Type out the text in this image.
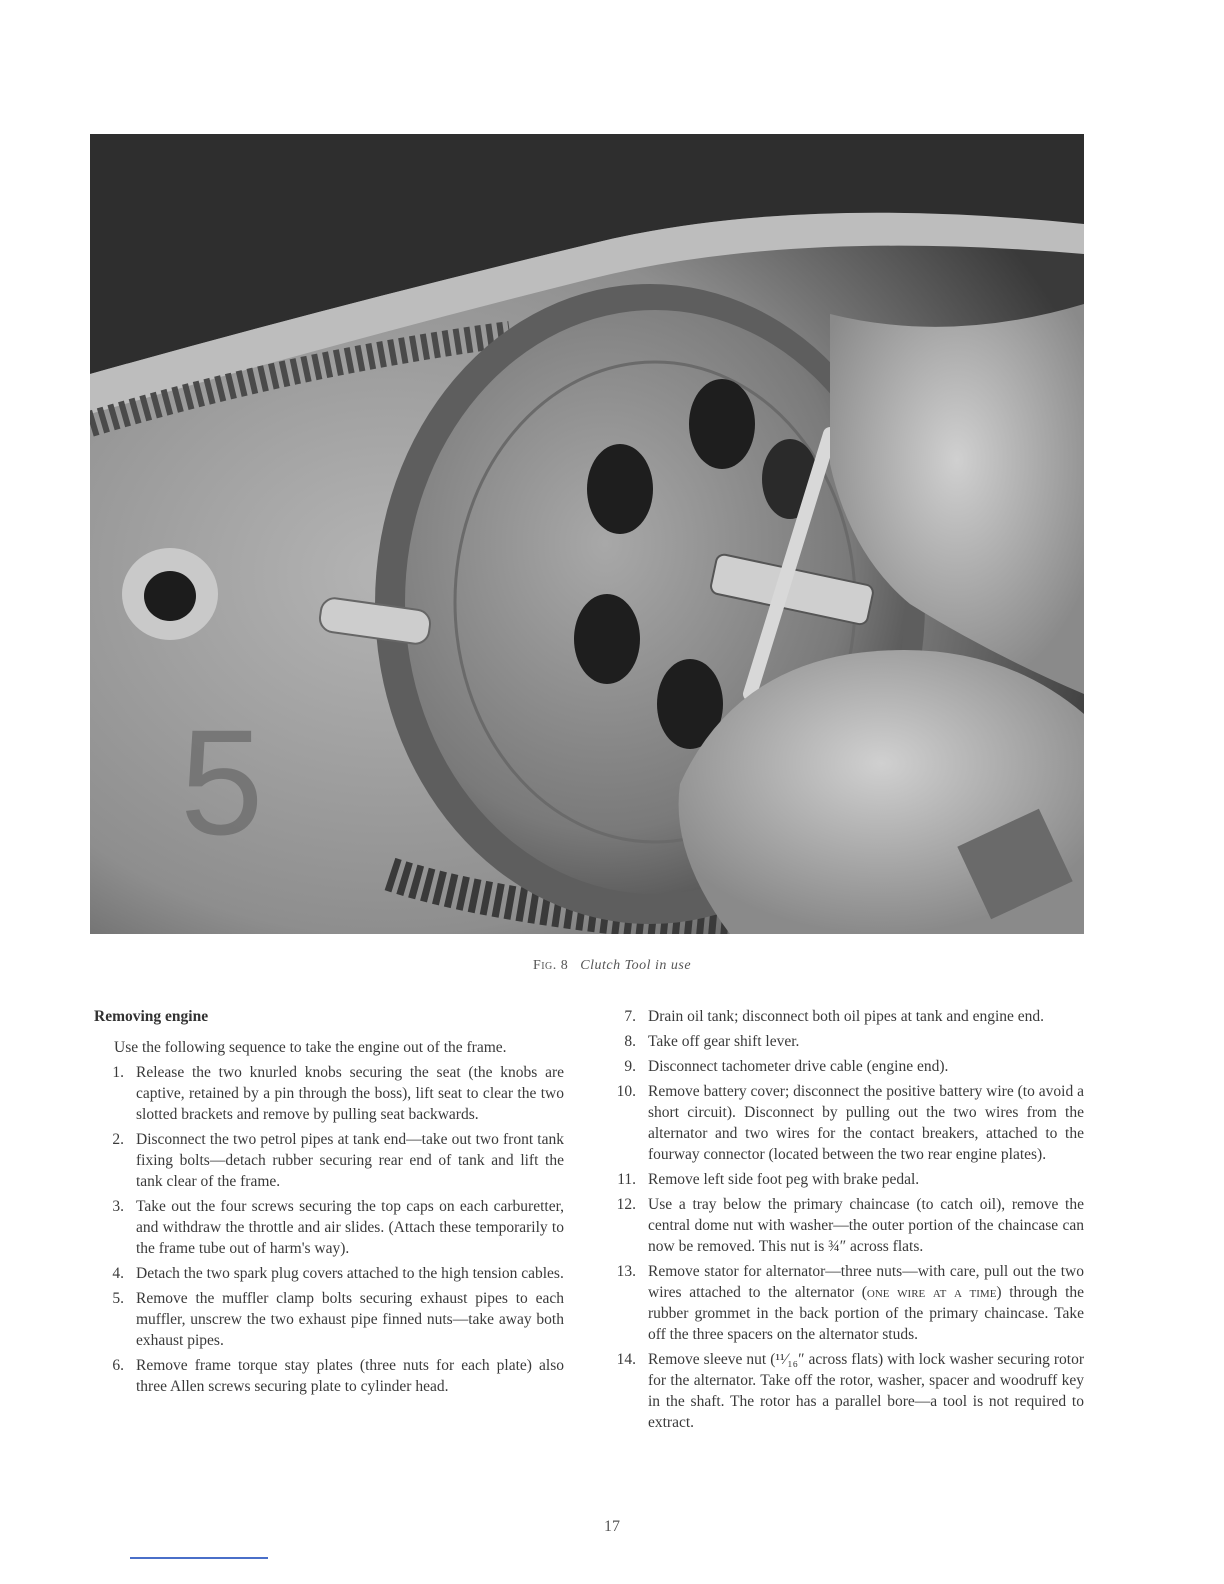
5
Fig. 8 Clutch Tool in use

Removing engine

Use the following sequence to take the engine out of the frame.

1. Release the two knurled knobs securing the seat (the knobs are captive, retained by a pin through the boss), lift seat to clear the two slotted brackets and remove by pulling seat backwards.
2. Disconnect the two petrol pipes at tank end—take out two front tank fixing bolts—detach rubber securing rear end of tank and lift the tank clear of the frame.
3. Take out the four screws securing the top caps on each carburetter, and withdraw the throttle and air slides. (Attach these temporarily to the frame tube out of harm's way).
4. Detach the two spark plug covers attached to the high tension cables.
5. Remove the muffler clamp bolts securing exhaust pipes to each muffler, unscrew the two exhaust pipe finned nuts—take away both exhaust pipes.
6. Remove frame torque stay plates (three nuts for each plate) also three Allen screws securing plate to cylinder head.
7. Drain oil tank; disconnect both oil pipes at tank and engine end.
8. Take off gear shift lever.
9. Disconnect tachometer drive cable (engine end).
10. Remove battery cover; disconnect the positive battery wire (to avoid a short circuit). Disconnect by pulling out the two wires from the alternator and two wires for the contact breakers, attached to the fourway connector (located between the two rear engine plates).
11. Remove left side foot peg with brake pedal.
12. Use a tray below the primary chaincase (to catch oil), remove the central dome nut with washer—the outer portion of the chaincase can now be removed. This nut is ¾″ across flats.
13. Remove stator for alternator—three nuts—with care, pull out the two wires attached to the alternator (one wire at a time) through the rubber grommet in the back portion of the primary chaincase. Take off the three spacers on the alternator studs.
14. Remove sleeve nut (¹¹⁄₁₆″ across flats) with lock washer securing rotor for the alternator. Take off the rotor, washer, spacer and woodruff key in the shaft. The rotor has a parallel bore—a tool is not required to extract.
17
